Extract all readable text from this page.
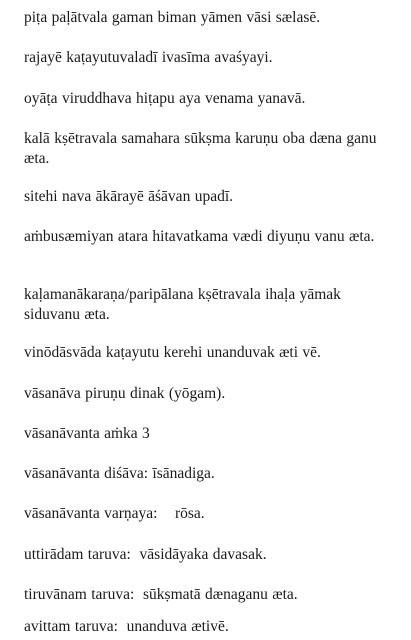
piṭa paḷātvala gaman biman yāmen vāsi sælasē.
rajayē kaṭayutuvaladī ivasīma avaśyayi.
oyāṭa viruddhava hiṭapu aya venama yanavā.
kalā kṣētravala samahara sūkṣma karuṇu oba dæna ganu æta.
sitehi nava ākārayē āśāvan upadī.
aṁbusæmiyan atara hitavatkama vædi diyuṇu vanu æta.
kaḷamanākaraṇa/paripālana kṣētravala ihaḷa yāmak siduvanu æta.
vinōdāsvāda kaṭayutu kerehi unanduvak æti vē.
vāsanāva piruṇu dinak (yōgam).
vāsanāvanta aṁka 3
vāsanāvanta diśāva: īsānadiga.
vāsanāvanta varṇaya:    rōsa.
uttirādam taruva:  vāsidāyaka davasak.
tiruvānam taruva:  sūkṣmatā dænaganu æta.
avittam taruva:  unanduva ætivē.
